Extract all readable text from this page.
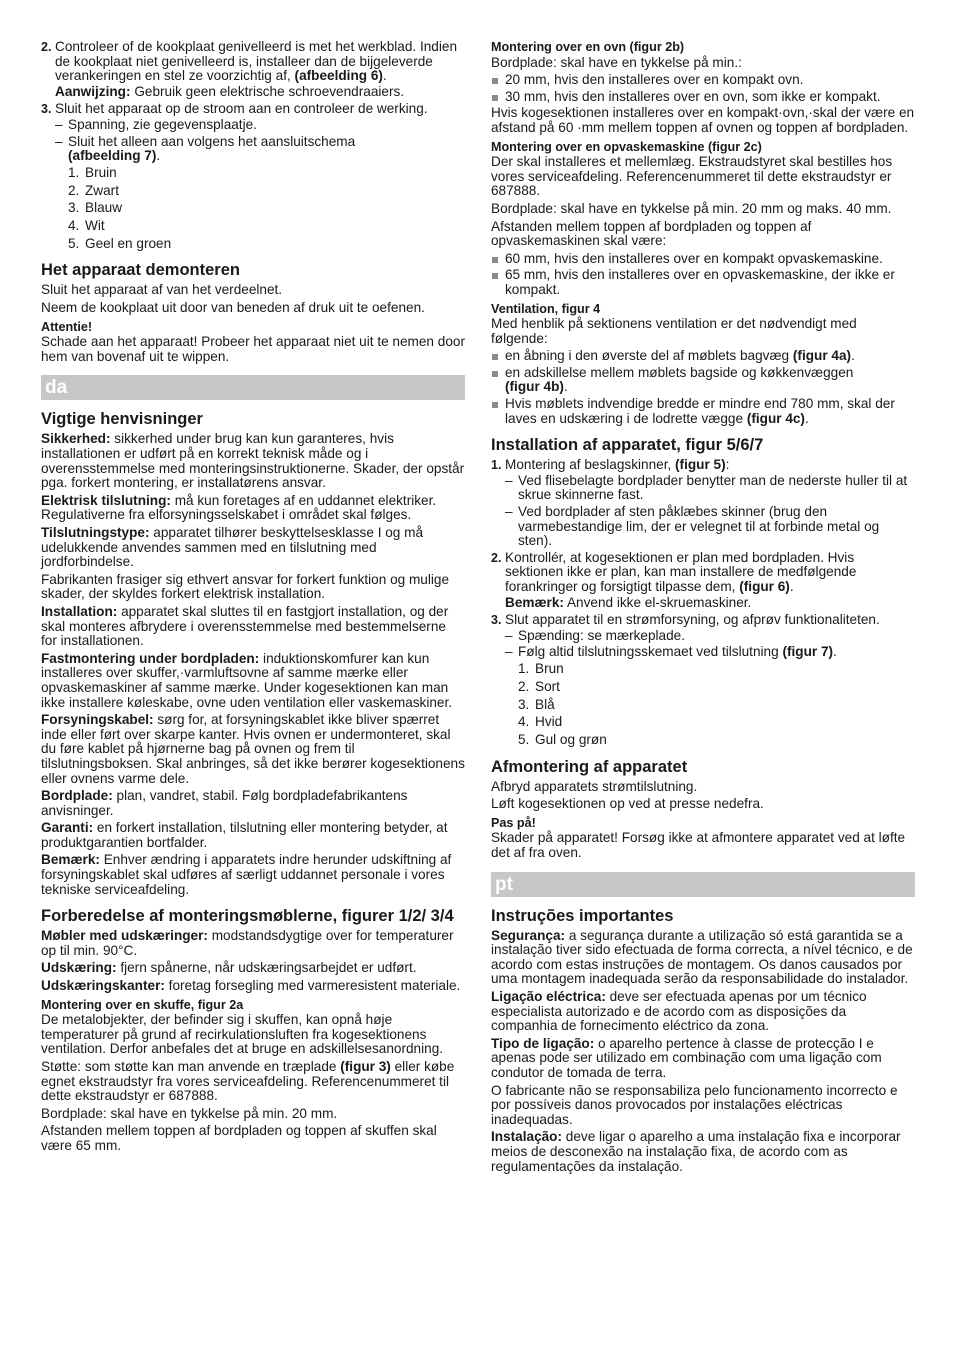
2. Controleer of de kookplaat genivelleerd is met het werkblad. Indien de kookplaat niet genivelleerd is, installeer dan de bijgeleverde verankeringen en stel ze voorzichtig af, (afbeelding 6).

Aanwijzing: Gebruik geen elektrische schroevendraaiers.

3. Sluit het apparaat op de stroom aan en controleer de werking.
– Spanning, zie gegevensplaatje.
– Sluit het alleen aan volgens het aansluitschema
(afbeelding 7).
1. Bruin
2. Zwart
3. Blauw
4. Wit
5. Geel en groen
Het apparaat demonteren

Sluit het apparaat af van het verdeelnet.

Neem de kookplaat uit door van beneden af druk uit te oefenen.

Attentie!

Schade aan het apparaat! Probeer het apparaat niet uit te nemen door hem van bovenaf uit te wippen.

da
Vigtige henvisninger

Sikkerhed: sikkerhed under brug kan kun garanteres, hvis installationen er udført på en korrekt teknisk måde og i overensstemmelse med monteringsinstruktionerne. Skader, der opstår pga. forkert montering, er installatørens ansvar.

Elektrisk tilslutning: må kun foretages af en uddannet elektriker. Regulativerne fra elforsyningsselskabet i området skal følges.

Tilslutningstype: apparatet tilhører beskyttelsesklasse I og må udelukkende anvendes sammen med en tilslutning med jordforbindelse.

Fabrikanten frasiger sig ethvert ansvar for forkert funktion og mulige skader, der skyldes forkert elektrisk installation.

Installation: apparatet skal sluttes til en fastgjort installation, og der skal monteres afbrydere i overensstemmelse med bestemmelserne for installationen.

Fastmontering under bordpladen: induktionskomfurer kan kun installeres over skuffer,·varmluftsovne af samme mærke eller opvaskemaskiner af samme mærke. Under kogesektionen kan man ikke installere køleskabe, ovne uden ventilation eller vaskemaskiner.

Forsyningskabel: sørg for, at forsyningskablet ikke bliver spærret inde eller ført over skarpe kanter. Hvis ovnen er undermonteret, skal du føre kablet på hjørnerne bag på ovnen og frem til tilslutningsboksen. Skal anbringes, så det ikke berører kogesektionens eller ovnens varme dele.

Bordplade: plan, vandret, stabil. Følg bordpladefabrikantens anvisninger.

Garanti: en forkert installation, tilslutning eller montering betyder, at produktgarantien bortfalder.

Bemærk: Enhver ændring i apparatets indre herunder udskiftning af forsyningskablet skal udføres af særligt uddannet personale i vores tekniske serviceafdeling.

Forberedelse af monteringsmøblerne, figurer 1/2/ 3/4

Møbler med udskæringer: modstandsdygtige over for temperaturer op til min. 90°C.

Udskæring: fjern spånerne, når udskæringsarbejdet er udført.

Udskæringskanter: foretag forsegling med varmeresistent materiale.

Montering over en skuffe, figur 2a

De metalobjekter, der befinder sig i skuffen, kan opnå høje temperaturer på grund af recirkulationsluften fra kogesektionens ventilation. Derfor anbefales det at bruge en adskillelsesanordning.

Støtte: som støtte kan man anvende en træplade (figur 3) eller købe egnet ekstraudstyr fra vores serviceafdeling. Referencenummeret til dette ekstraudstyr er 687888.

Bordplade: skal have en tykkelse på min. 20 mm.

Afstanden mellem toppen af bordpladen og toppen af skuffen skal være 65 mm.

Montering over en ovn (figur 2b)

Bordplade: skal have en tykkelse på min.:

20 mm, hvis den installeres over en kompakt ovn.
30 mm, hvis den installeres over en ovn, som ikke er kompakt.

Hvis kogesektionen installeres over en kompakt·ovn,·skal der være en afstand på 60 ·mm mellem toppen af ovnen og toppen af bordpladen.

Montering over en opvaskemaskine (figur 2c)

Der skal installeres et mellemlæg. Ekstraudstyret skal bestilles hos vores serviceafdeling. Referencenummeret til dette ekstraudstyr er 687888.

Bordplade: skal have en tykkelse på min. 20 mm og maks. 40 mm.

Afstanden mellem toppen af bordpladen og toppen af opvaskemaskinen skal være:

60 mm, hvis den installeres over en kompakt opvaskemaskine.
65 mm, hvis den installeres over en opvaskemaskine, der ikke er kompakt.
Ventilation, figur 4

Med henblik på sektionens ventilation er det nødvendigt med følgende:

en åbning i den øverste del af møblets bagvæg (figur 4a).
en adskillelse mellem møblets bagside og køkkenvæggen
(figur 4b).
Hvis møblets indvendige bredde er mindre end 780 mm, skal der laves en udskæring i de lodrette vægge (figur 4c).
Installation af apparatet, figur 5/6/7
1. Montering af beslagskinner, (figur 5):
– Ved flisebelagte bordplader benytter man de nederste huller til at skrue skinnerne fast.
– Ved bordplader af sten påklæbes skinner (brug den varmebestandige lim, der er velegnet til at forbinde metal og sten).
2. Kontrollér, at kogesektionen er plan med bordpladen. Hvis sektionen ikke er plan, kan man installere de medfølgende forankringer og forsigtigt tilpasse dem, (figur 6).

Bemærk: Anvend ikke el-skruemaskiner.

3. Slut apparatet til en strømforsyning, og afprøv funktionaliteten.
– Spænding: se mærkeplade.
– Følg altid tilslutningsskemaet ved tilslutning (figur 7).
1. Brun
2. Sort
3. Blå
4. Hvid
5. Gul og grøn
Afmontering af apparatet

Afbryd apparatets strømtilslutning.

Løft kogesektionen op ved at presse nedefra.

Pas på!

Skader på apparatet! Forsøg ikke at afmontere apparatet ved at løfte det af fra oven.

pt
Instruções importantes

Segurança: a segurança durante a utilização só está garantida se a instalação tiver sido efectuada de forma correcta, a nível técnico, e de acordo com estas instruções de montagem. Os danos causados por uma montagem inadequada serão da responsabilidade do instalador.

Ligação eléctrica: deve ser efectuada apenas por um técnico especialista autorizado e de acordo com as disposições da companhia de fornecimento eléctrico da zona.

Tipo de ligação: o aparelho pertence à classe de protecção I e apenas pode ser utilizado em combinação com uma ligação com condutor de tomada de terra.

O fabricante não se responsabiliza pelo funcionamento incorrecto e por possíveis danos provocados por instalações eléctricas inadequadas.

Instalação: deve ligar o aparelho a uma instalação fixa e incorporar meios de desconexão na instalação fixa, de acordo com as regulamentações da instalação.
